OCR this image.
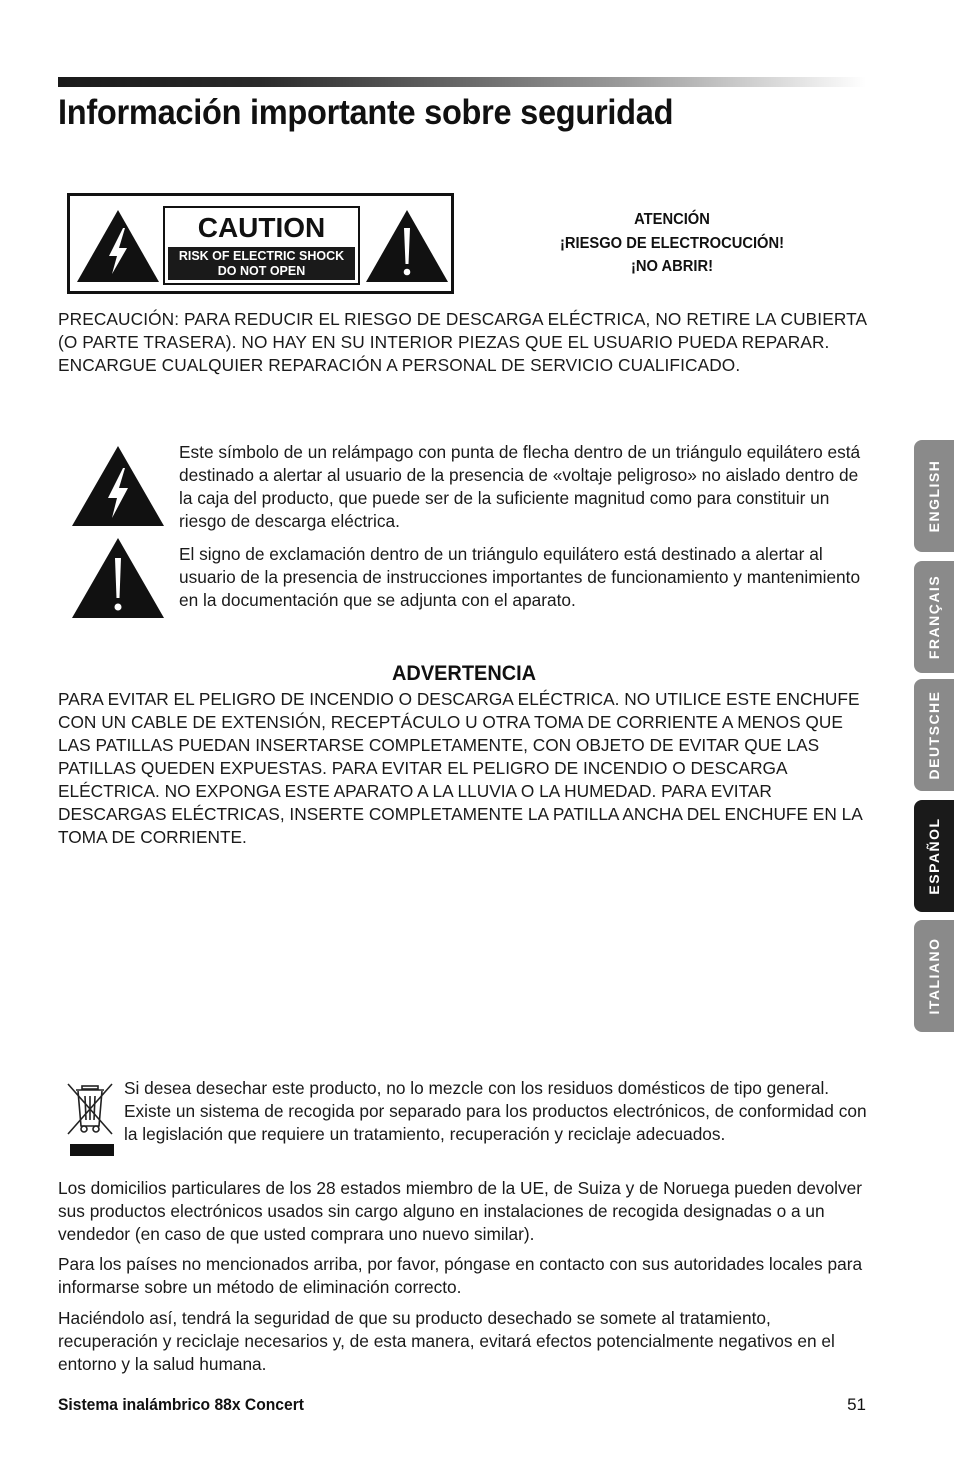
Información importante sobre seguridad
CAUTION
RISK OF ELECTRIC SHOCK
DO NOT OPEN
ATENCIÓN
¡RIESGO DE ELECTROCUCIÓN!
¡NO ABRIR!

PRECAUCIÓN: PARA REDUCIR EL RIESGO DE DESCARGA ELÉCTRICA, NO RETIRE LA CUBIERTA (O PARTE TRASERA). NO HAY EN SU INTERIOR PIEZAS QUE EL USUARIO PUEDA REPARAR. ENCARGUE CUALQUIER REPARACIÓN A PERSONAL DE SERVICIO CUALIFICADO.

Este símbolo de un relámpago con punta de flecha dentro de un triángulo equilátero está destinado a alertar al usuario de la presencia de «voltaje peligroso» no aislado dentro de la caja del producto, que puede ser de la suficiente magnitud como para constituir un riesgo de descarga eléctrica.

El signo de exclamación dentro de un triángulo equilátero está destinado a alertar al usuario de la presencia de instrucciones importantes de funcionamiento y mantenimiento en la documentación que se adjunta con el aparato.

ADVERTENCIA

PARA EVITAR EL PELIGRO DE INCENDIO O DESCARGA ELÉCTRICA. NO UTILICE ESTE ENCHUFE CON UN CABLE DE EXTENSIÓN, RECEPTÁCULO U OTRA TOMA DE CORRIENTE A MENOS QUE LAS PATILLAS PUEDAN INSERTARSE COMPLETAMENTE, CON OBJETO DE EVITAR QUE LAS PATILLAS QUEDEN EXPUESTAS. PARA EVITAR EL PELIGRO DE INCENDIO O DESCARGA ELÉCTRICA. NO EXPONGA ESTE APARATO A LA LLUVIA O LA HUMEDAD. PARA EVITAR DESCARGAS ELÉCTRICAS, INSERTE COMPLETAMENTE LA PATILLA ANCHA DEL ENCHUFE EN LA TOMA DE CORRIENTE.

Si desea desechar este producto, no lo mezcle con los residuos domésticos de tipo general. Existe un sistema de recogida por separado para los productos electrónicos, de conformidad con la legislación que requiere un tratamiento, recuperación y reciclaje adecuados.

Los domicilios particulares de los 28 estados miembro de la UE, de Suiza y de Noruega pueden devolver sus productos electrónicos usados sin cargo alguno en instalaciones de recogida designadas o a un vendedor (en caso de que usted comprara uno nuevo similar).

Para los países no mencionados arriba, por favor, póngase en contacto con sus autoridades locales para informarse sobre un método de eliminación correcto.

Haciéndolo así, tendrá la seguridad de que su producto desechado se somete al tratamiento, recuperación y reciclaje necesarios y, de esta manera, evitará efectos potencialmente negativos en el entorno y la salud humana.

Sistema inalámbrico 88x Concert	51
ENGLISH
FRANÇAIS
DEUTSCHE
ESPAÑOL
ITALIANO
